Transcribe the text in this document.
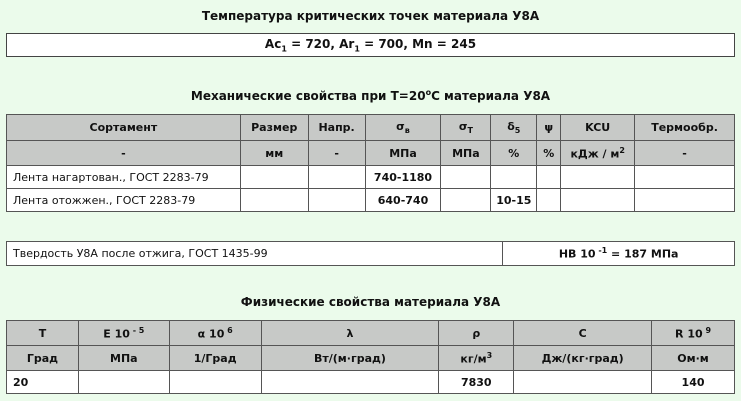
Температура критических точек материала У8А
$Ac_1 = 720$, $Ar_1 = 700$, Mn = 245
Механические свойства при $Т=20^oС$ материала У8А
Сортамент	Размер	Напр.	$\sigma_в$	$\sigma_T$	$\delta_5$	ψ	KCU	Термообр.
-	мм	-	МПа	МПа	%	%	кДж / $м^2$	-
Лента нагартован., ГОСТ 2283-79			740-1180					
Лента отожжен., ГОСТ 2283-79			640-740		10-15			
Твердость У8А после отжига, ГОСТ 1435-99	HB 10 $^{-1}$ = 187 МПа
Физические свойства материала У8А
T	E 10 $^{- 5}$	α 10 $^6$	λ	ρ	C	R 10 $^9$
Град	МПа	1/Град	Вт/(м·град)	$кг/м^3$	Дж/(кг·град)	Ом·м
20				7830		140
